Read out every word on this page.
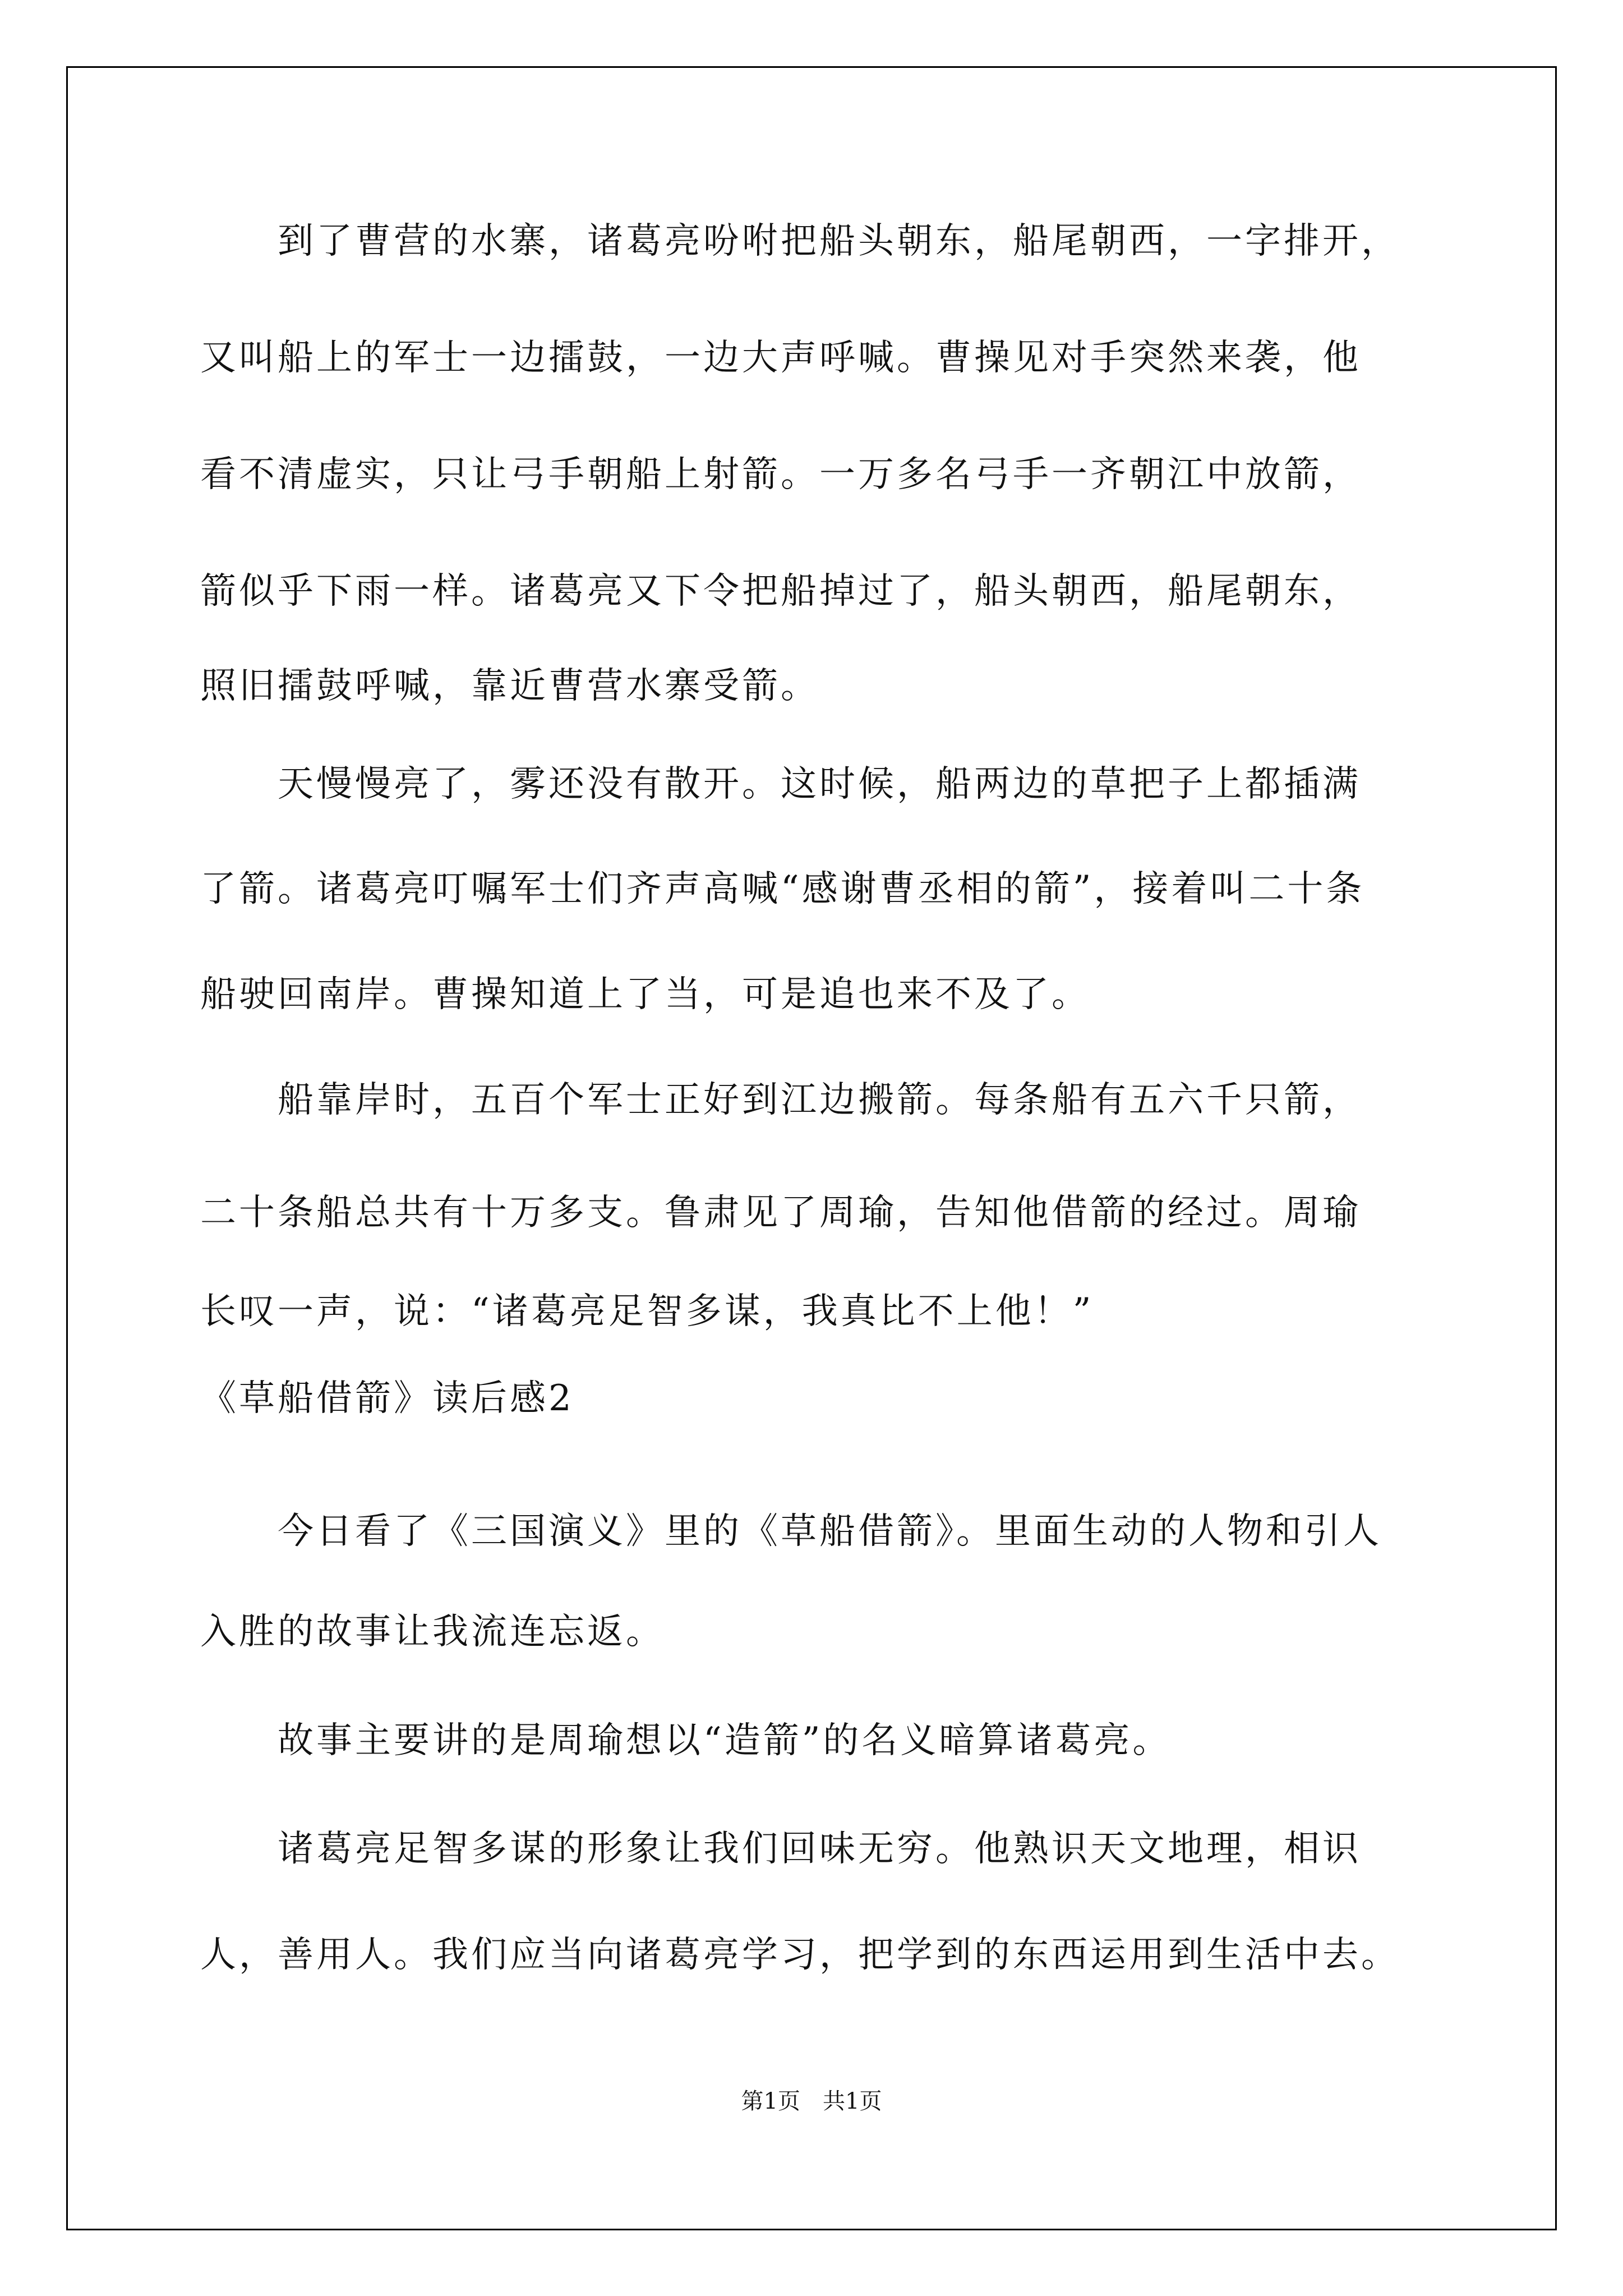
　　到了曹营的水寨，诸葛亮吩咐把船头朝东，船尾朝西，一字排开，
又叫船上的军士一边擂鼓，一边大声呼喊。曹操见对手突然来袭，他
看不清虚实，只让弓手朝船上射箭。一万多名弓手一齐朝江中放箭，
箭似乎下雨一样。诸葛亮又下令把船掉过了，船头朝西，船尾朝东，
照旧擂鼓呼喊，靠近曹营水寨受箭。
　　天慢慢亮了，雾还没有散开。这时候，船两边的草把子上都插满
了箭。诸葛亮叮嘱军士们齐声高喊“感谢曹丞相的箭”，接着叫二十条
船驶回南岸。曹操知道上了当，可是追也来不及了。
　　船靠岸时，五百个军士正好到江边搬箭。每条船有五六千只箭，
二十条船总共有十万多支。鲁肃见了周瑜，告知他借箭的经过。周瑜
长叹一声，说：“诸葛亮足智多谋，我真比不上他！”
《草船借箭》读后感2
　　今日看了《三国演义》里的《草船借箭》。里面生动的人物和引人
入胜的故事让我流连忘返。
　　故事主要讲的是周瑜想以“造箭”的名义暗算诸葛亮。
　　诸葛亮足智多谋的形象让我们回味无穷。他熟识天文地理，相识
人，善用人。我们应当向诸葛亮学习，把学到的东西运用到生活中去。
第1页　共1页
